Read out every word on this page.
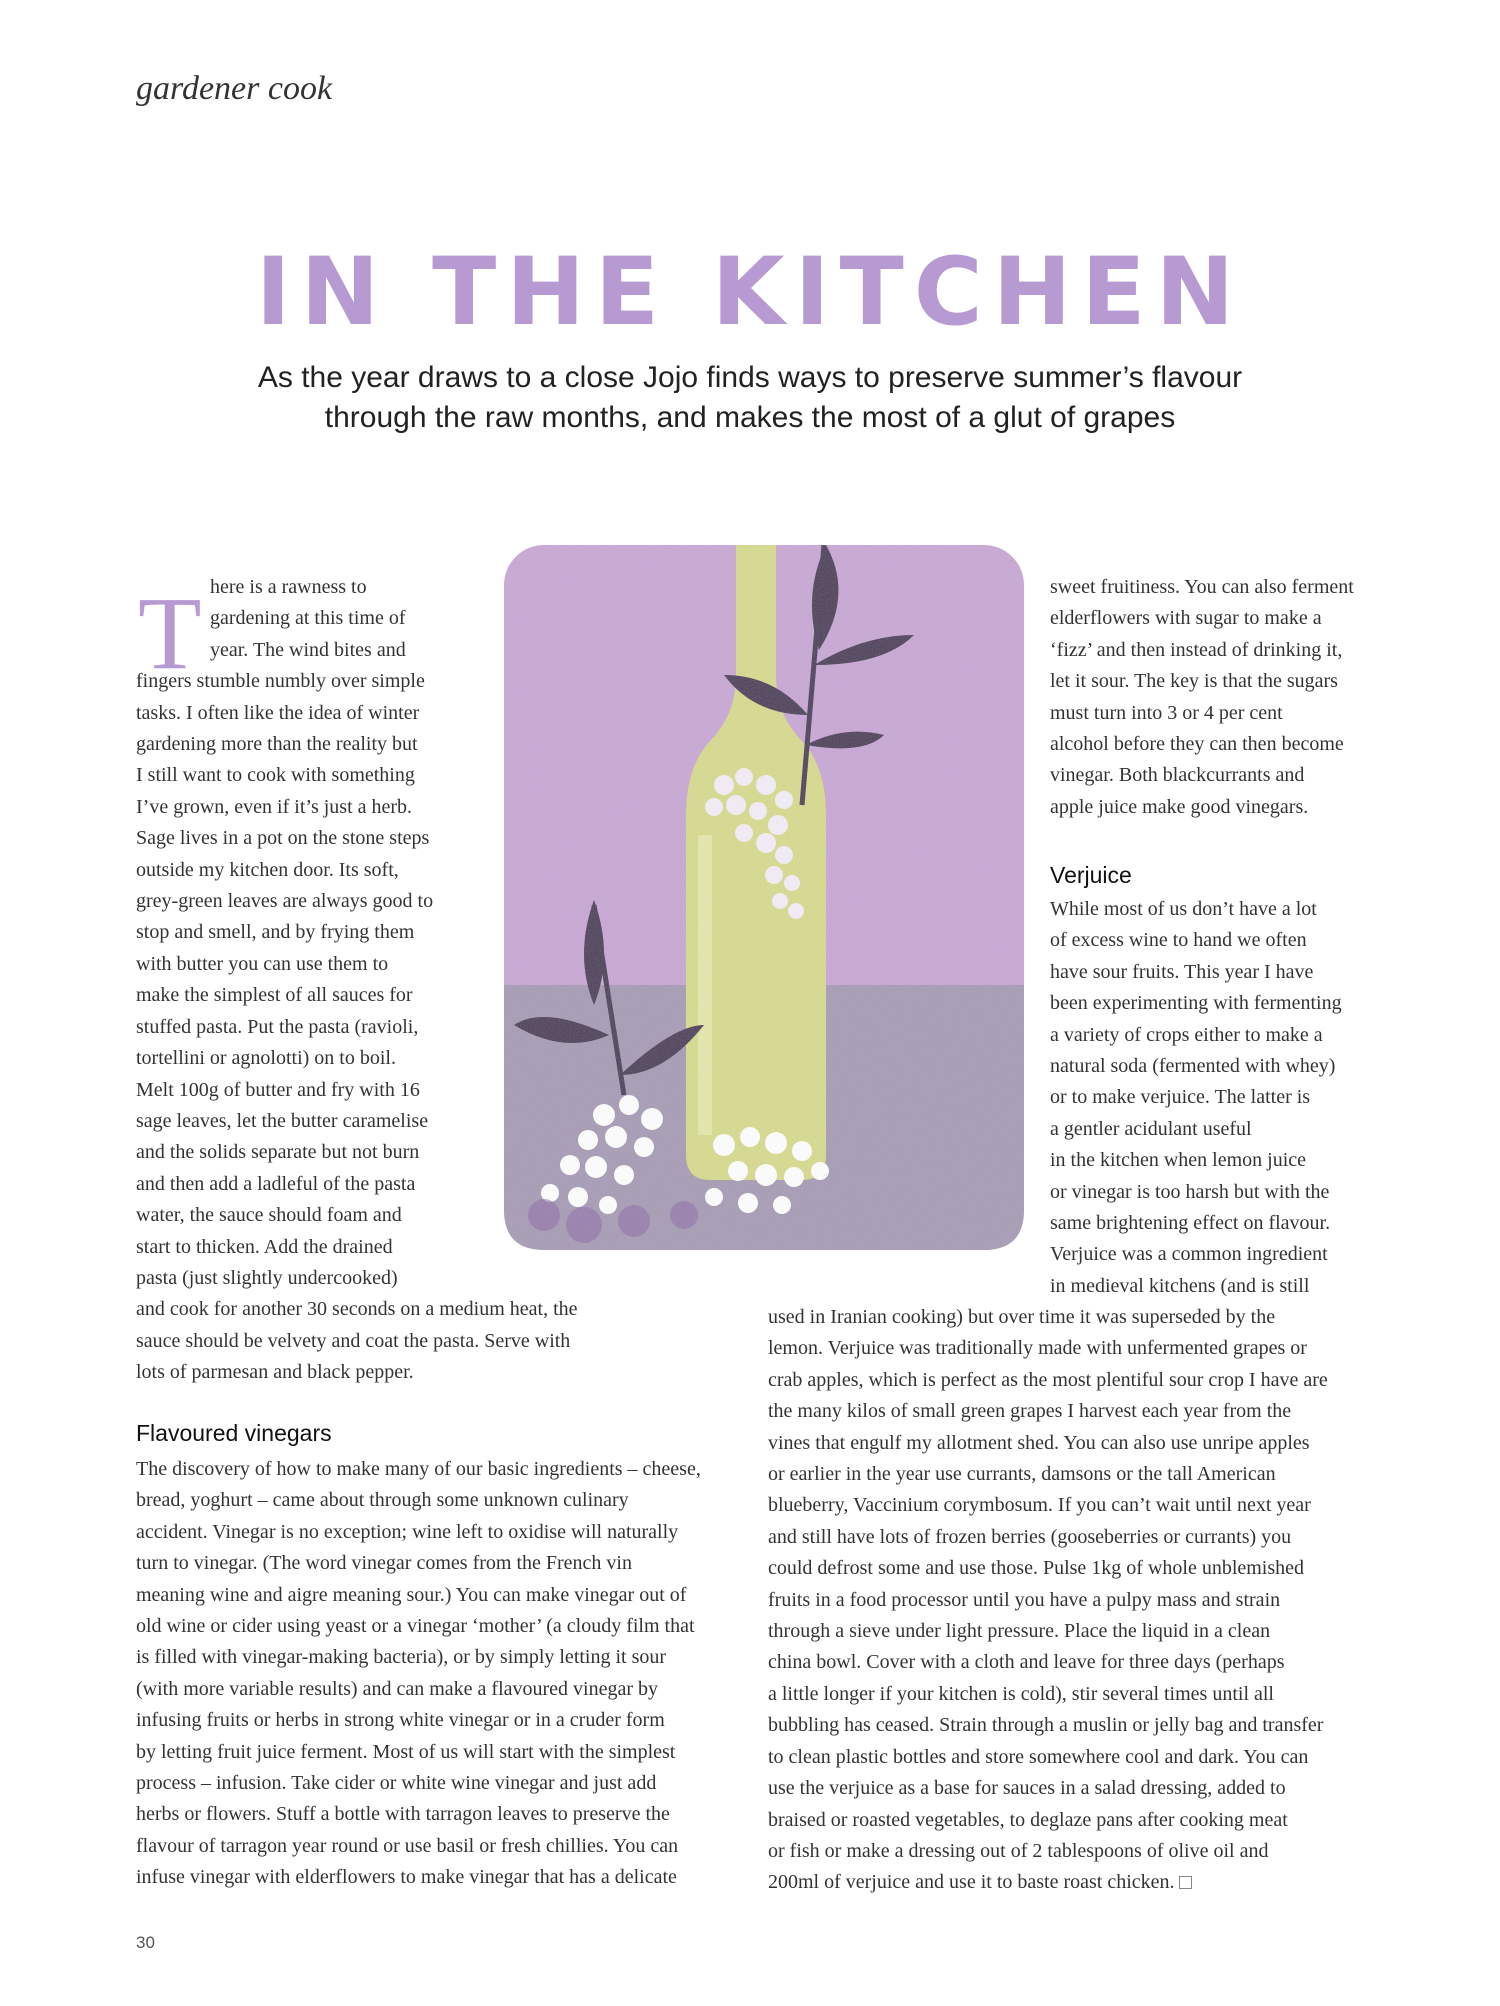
gardener cook
IN THE KITCHEN
As the year draws to a close Jojo finds ways to preserve summer’s flavour
through the raw months, and makes the most of a glut of grapes
T here is a rawness to
gardening at this time of
year. The wind bites and
fingers stumble numbly over simple
tasks. I often like the idea of winter
gardening more than the reality but
I still want to cook with something
I’ve grown, even if it’s just a herb.
Sage lives in a pot on the stone steps
outside my kitchen door. Its soft,
grey-green leaves are always good to
stop and smell, and by frying them
with butter you can use them to
make the simplest of all sauces for
stuffed pasta. Put the pasta (ravioli,
tortellini or agnolotti) on to boil.
Melt 100g of butter and fry with 16
sage leaves, let the butter caramelise
and the solids separate but not burn
and then add a ladleful of the pasta
water, the sauce should foam and
start to thicken. Add the drained
pasta (just slightly undercooked)
and cook for another 30 seconds on a medium heat, the
sauce should be velvety and coat the pasta. Serve with
lots of parmesan and black pepper.
Flavoured vinegars
The discovery of how to make many of our basic ingredients – cheese,
bread, yoghurt – came about through some unknown culinary
accident. Vinegar is no exception; wine left to oxidise will naturally
turn to vinegar. (The word vinegar comes from the French vin
meaning wine and aigre meaning sour.) You can make vinegar out of
old wine or cider using yeast or a vinegar ‘mother’ (a cloudy film that
is filled with vinegar-making bacteria), or by simply letting it sour
(with more variable results) and can make a flavoured vinegar by
infusing fruits or herbs in strong white vinegar or in a cruder form
by letting fruit juice ferment. Most of us will start with the simplest
process – infusion. Take cider or white wine vinegar and just add
herbs or flowers. Stuff a bottle with tarragon leaves to preserve the
flavour of tarragon year round or use basil or fresh chillies. You can
infuse vinegar with elderflowers to make vinegar that has a delicate
sweet fruitiness. You can also ferment
elderflowers with sugar to make a
‘fizz’ and then instead of drinking it,
let it sour. The key is that the sugars
must turn into 3 or 4 per cent
alcohol before they can then become
vinegar. Both blackcurrants and
apple juice make good vinegars.
Verjuice
While most of us don’t have a lot
of excess wine to hand we often
have sour fruits. This year I have
been experimenting with fermenting
a variety of crops either to make a
natural soda (fermented with whey)
or to make verjuice. The latter is
a gentler acidulant useful
in the kitchen when lemon juice
or vinegar is too harsh but with the
same brightening effect on flavour.
Verjuice was a common ingredient
in medieval kitchens (and is still
used in Iranian cooking) but over time it was superseded by the
lemon. Verjuice was traditionally made with unfermented grapes or
crab apples, which is perfect as the most plentiful sour crop I have are
the many kilos of small green grapes I harvest each year from the
vines that engulf my allotment shed. You can also use unripe apples
or earlier in the year use currants, damsons or the tall American
blueberry, Vaccinium corymbosum. If you can’t wait until next year
and still have lots of frozen berries (gooseberries or currants) you
could defrost some and use those. Pulse 1kg of whole unblemished
fruits in a food processor until you have a pulpy mass and strain
through a sieve under light pressure. Place the liquid in a clean
china bowl. Cover with a cloth and leave for three days (perhaps
a little longer if your kitchen is cold), stir several times until all
bubbling has ceased. Strain through a muslin or jelly bag and transfer
to clean plastic bottles and store somewhere cool and dark. You can
use the verjuice as a base for sauces in a salad dressing, added to
braised or roasted vegetables, to deglaze pans after cooking meat
or fish or make a dressing out of 2 tablespoons of olive oil and
200ml of verjuice and use it to baste roast chicken.
30
